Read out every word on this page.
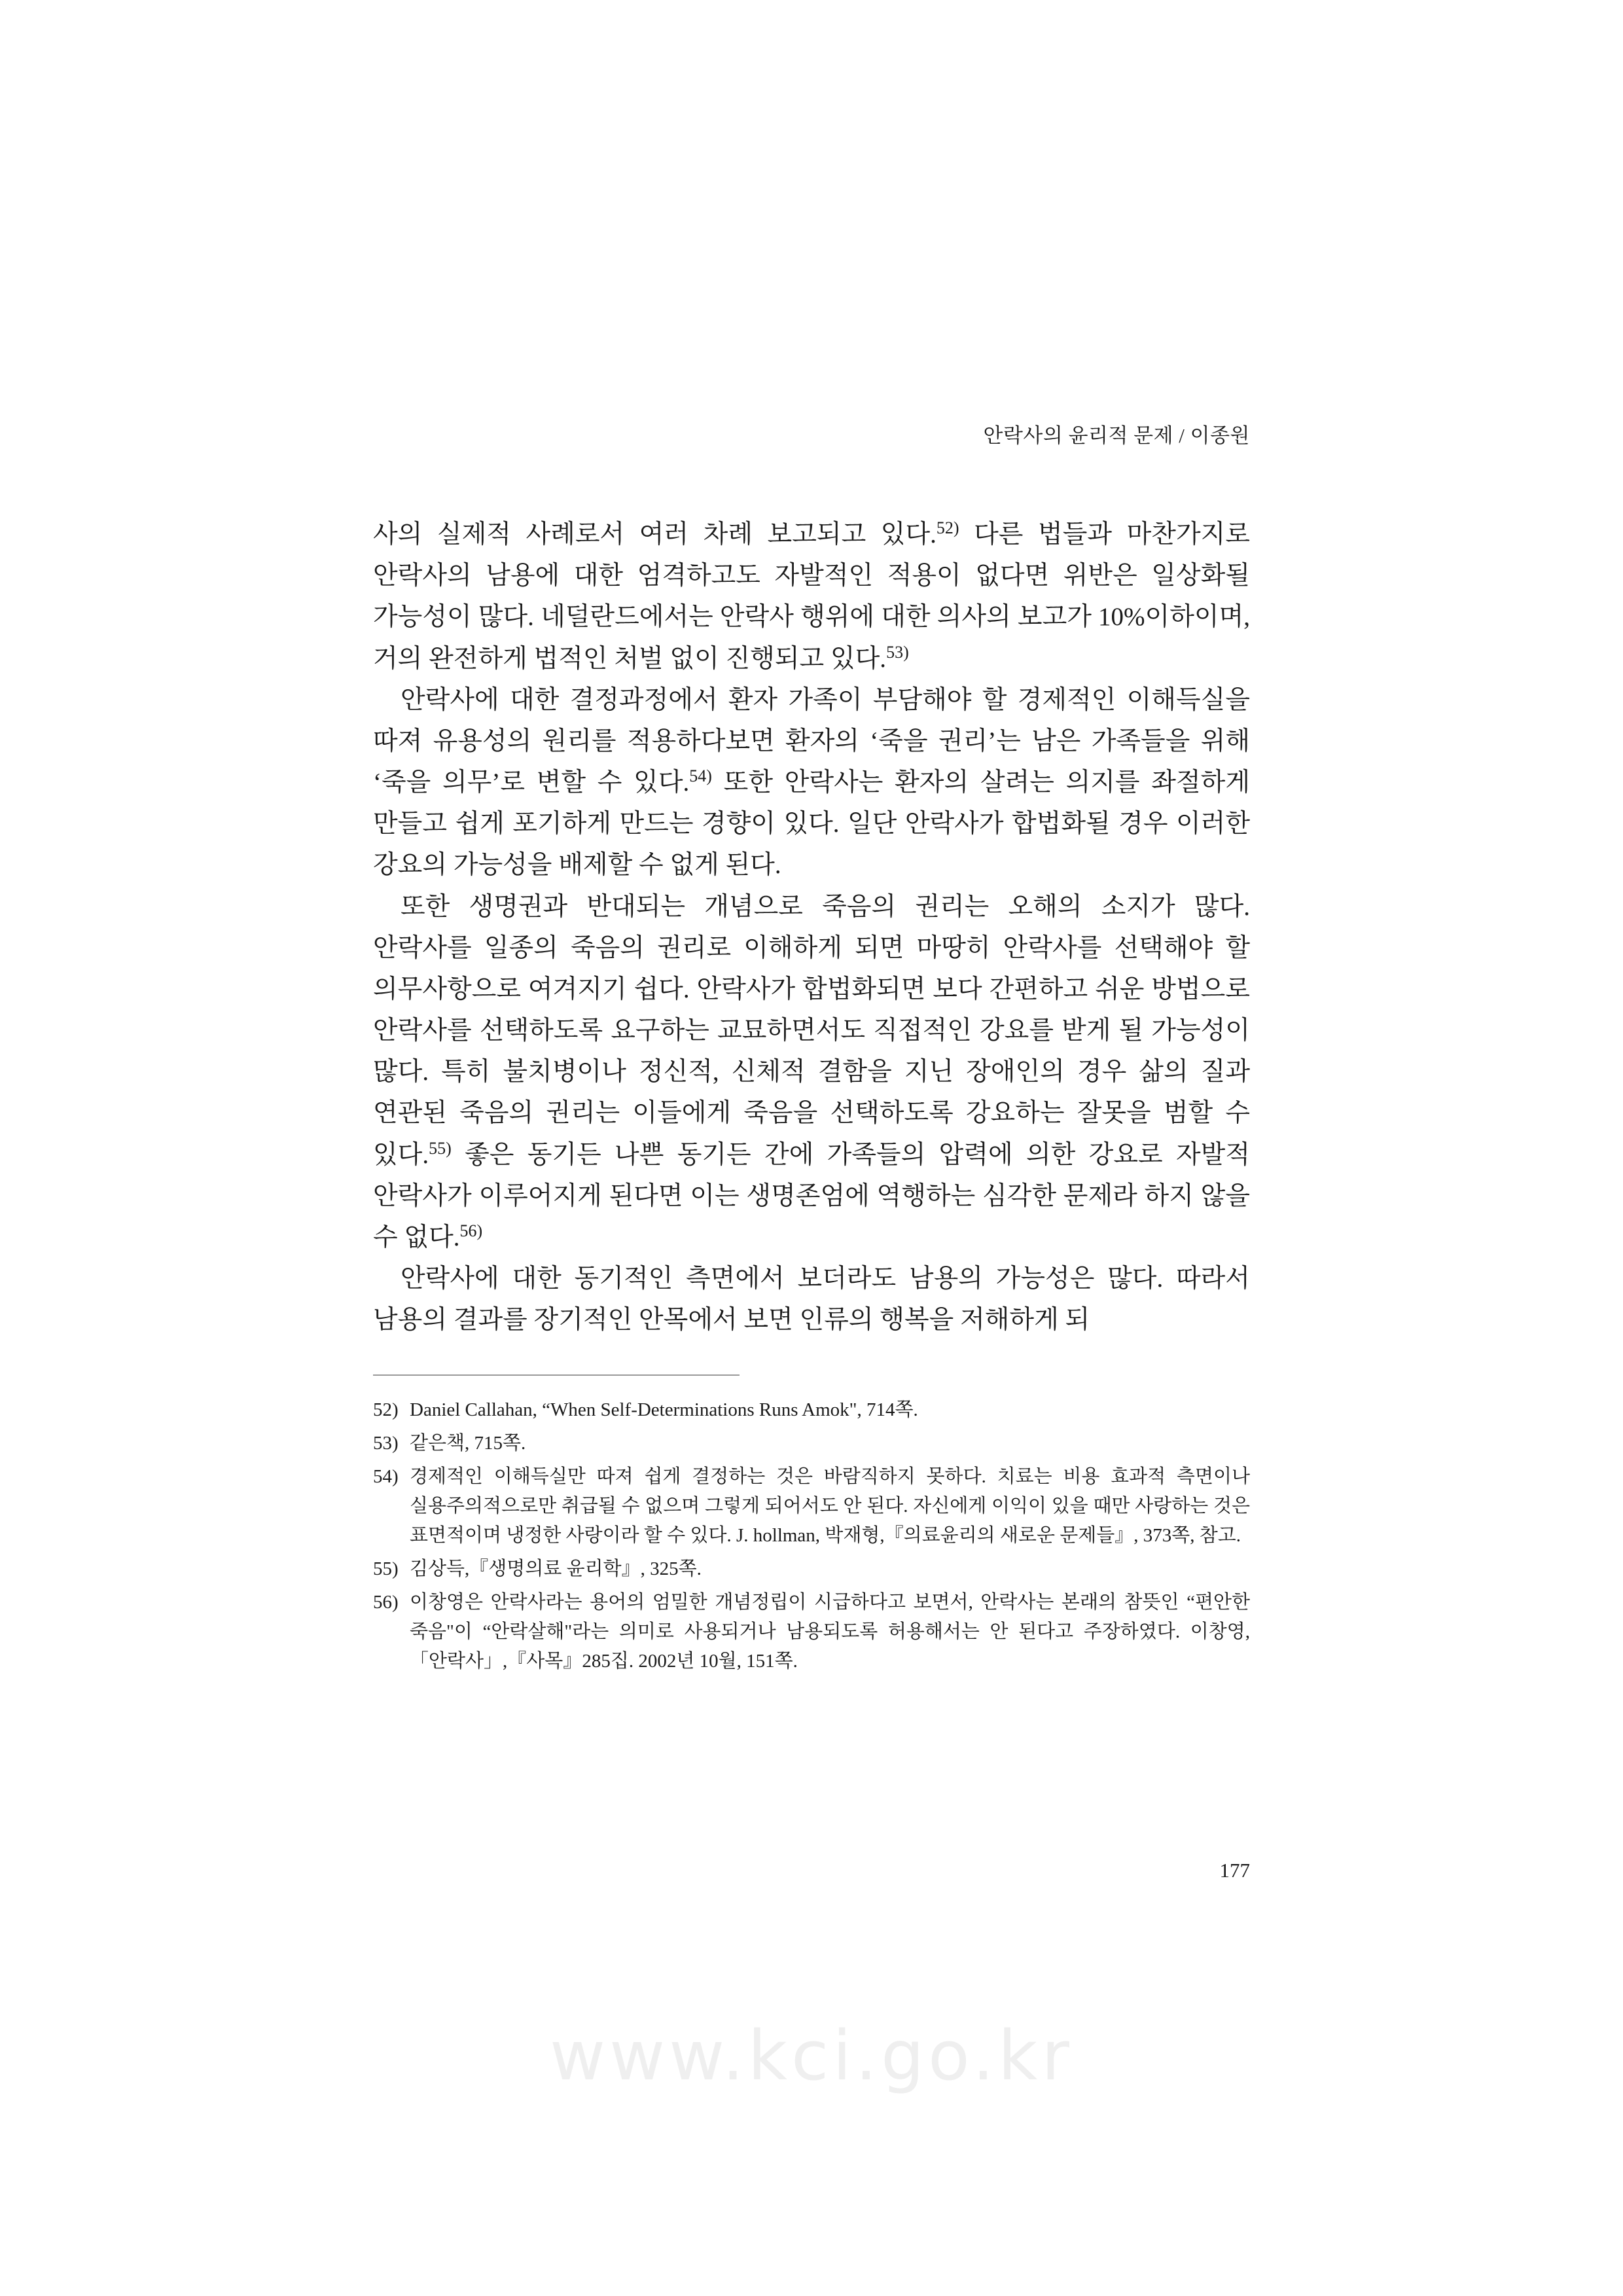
안락사의 윤리적 문제 / 이종원

사의 실제적 사례로서 여러 차례 보고되고 있다.$^{52)}$ 다른 법들과 마찬가지로 안락사의 남용에 대한 엄격하고도 자발적인 적용이 없다면 위반은 일상화될 가능성이 많다. 네덜란드에서는 안락사 행위에 대한 의사의 보고가 10%이하이며, 거의 완전하게 법적인 처벌 없이 진행되고 있다.$^{53)}$

안락사에 대한 결정과정에서 환자 가족이 부담해야 할 경제적인 이해득실을 따져 유용성의 원리를 적용하다보면 환자의 ‘죽을 권리’는 남은 가족들을 위해 ‘죽을 의무’로 변할 수 있다.$^{54)}$ 또한 안락사는 환자의 살려는 의지를 좌절하게 만들고 쉽게 포기하게 만드는 경향이 있다. 일단 안락사가 합법화될 경우 이러한 강요의 가능성을 배제할 수 없게 된다.

또한 생명권과 반대되는 개념으로 죽음의 권리는 오해의 소지가 많다. 안락사를 일종의 죽음의 권리로 이해하게 되면 마땅히 안락사를 선택해야 할 의무사항으로 여겨지기 쉽다. 안락사가 합법화되면 보다 간편하고 쉬운 방법으로 안락사를 선택하도록 요구하는 교묘하면서도 직접적인 강요를 받게 될 가능성이 많다. 특히 불치병이나 정신적, 신체적 결함을 지닌 장애인의 경우 삶의 질과 연관된 죽음의 권리는 이들에게 죽음을 선택하도록 강요하는 잘못을 범할 수 있다.$^{55)}$ 좋은 동기든 나쁜 동기든 간에 가족들의 압력에 의한 강요로 자발적 안락사가 이루어지게 된다면 이는 생명존엄에 역행하는 심각한 문제라 하지 않을 수 없다.$^{56)}$

안락사에 대한 동기적인 측면에서 보더라도 남용의 가능성은 많다. 따라서 남용의 결과를 장기적인 안목에서 보면 인류의 행복을 저해하게 되

52) Daniel Callahan, “When Self-Determinations Runs Amok", 714쪽.
53) 같은책, 715쪽.
54) 경제적인 이해득실만 따져 쉽게 결정하는 것은 바람직하지 못하다. 치료는 비용 효과적 측면이나 실용주의적으로만 취급될 수 없으며 그렇게 되어서도 안 된다. 자신에게 이익이 있을 때만 사랑하는 것은 표면적이며 냉정한 사랑이라 할 수 있다. J. hollman, 박재형,『의료윤리의 새로운 문제들』, 373쪽, 참고.
55) 김상득,『생명의료 윤리학』, 325쪽.
56) 이창영은 안락사라는 용어의 엄밀한 개념정립이 시급하다고 보면서, 안락사는 본래의 참뜻인 “편안한 죽음"이 “안락살해"라는 의미로 사용되거나 남용되도록 허용해서는 안 된다고 주장하였다. 이창영,「안락사」,『사목』285집. 2002년 10월, 151쪽.
177
www.kci.go.kr
